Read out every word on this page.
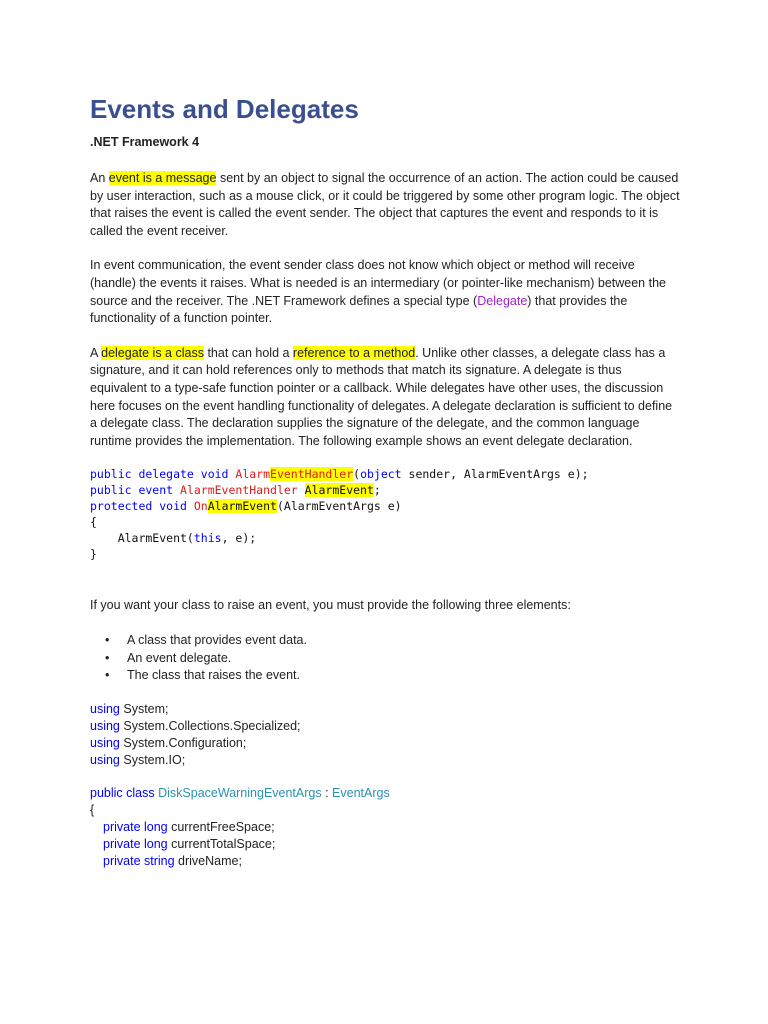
Events and Delegates
.NET Framework 4

An event is a message sent by an object to signal the occurrence of an action. The action could be caused by user interaction, such as a mouse click, or it could be triggered by some other program logic. The object that raises the event is called the event sender. The object that captures the event and responds to it is called the event receiver.

In event communication, the event sender class does not know which object or method will receive (handle) the events it raises. What is needed is an intermediary (or pointer-like mechanism) between the source and the receiver. The .NET Framework defines a special type (Delegate) that provides the functionality of a function pointer.

A delegate is a class that can hold a reference to a method. Unlike other classes, a delegate class has a signature, and it can hold references only to methods that match its signature. A delegate is thus equivalent to a type-safe function pointer or a callback. While delegates have other uses, the discussion here focuses on the event handling functionality of delegates. A delegate declaration is sufficient to define a delegate class. The declaration supplies the signature of the delegate, and the common language runtime provides the implementation. The following example shows an event delegate declaration.

public delegate void AlarmEventHandler(object sender, AlarmEventArgs e);
public event AlarmEventHandler AlarmEvent;
protected void OnAlarmEvent(AlarmEventArgs e)
{
AlarmEvent(this, e);
}

If you want your class to raise an event, you must provide the following three elements:

• A class that provides event data.
• An event delegate.
• The class that raises the event.
using System;
using System.Collections.Specialized;
using System.Configuration;
using System.IO;
public class DiskSpaceWarningEventArgs : EventArgs
{
private long currentFreeSpace;
private long currentTotalSpace;
private string driveName;
